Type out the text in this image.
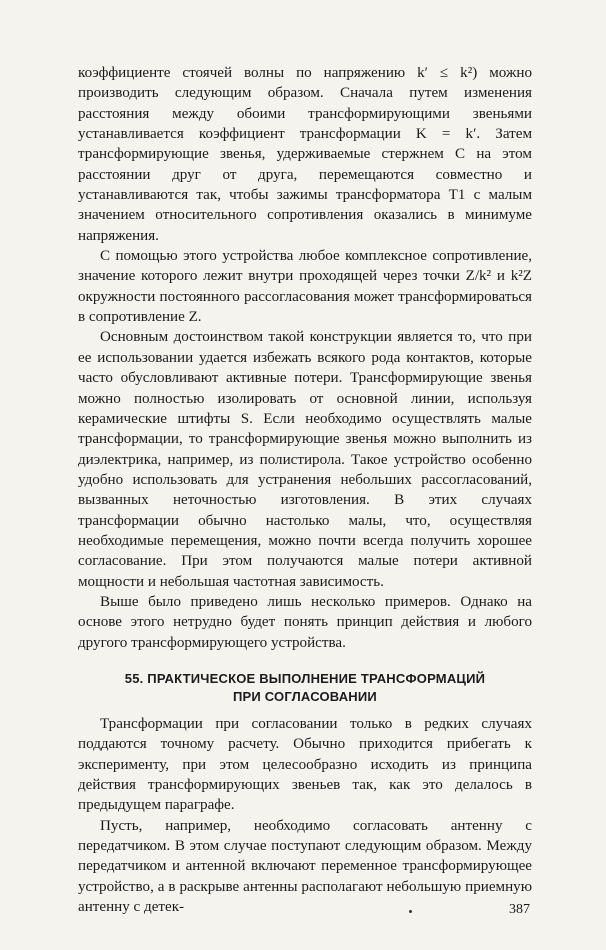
коэффициенте стоячей волны по напряжению k′ ≤ k²) можно производить следующим образом. Сначала путем изменения расстояния между обоими трансформирующими звеньями устанавливается коэффициент трансформации K = k′. Затем трансформирующие звенья, удерживаемые стержнем C на этом расстоянии друг от друга, перемещаются совместно и устанавливаются так, чтобы зажимы трансформатора T1 с малым значением относительного сопротивления оказались в минимуме напряжения.

С помощью этого устройства любое комплексное сопротивление, значение которого лежит внутри проходящей через точки Z/k² и k²Z окружности постоянного рассогласования может трансформироваться в сопротивление Z.

Основным достоинством такой конструкции является то, что при ее использовании удается избежать всякого рода контактов, которые часто обусловливают активные потери. Трансформирующие звенья можно полностью изолировать от основной линии, используя керамические штифты S. Если необходимо осуществлять малые трансформации, то трансформирующие звенья можно выполнить из диэлектрика, например, из полистирола. Такое устройство особенно удобно использовать для устранения небольших рассогласований, вызванных неточностью изготовления. В этих случаях трансформации обычно настолько малы, что, осуществляя необходимые перемещения, можно почти всегда получить хорошее согласование. При этом получаются малые потери активной мощности и небольшая частотная зависимость.

Выше было приведено лишь несколько примеров. Однако на основе этого нетрудно будет понять принцип действия и любого другого трансформирующего устройства.

55. ПРАКТИЧЕСКОЕ ВЫПОЛНЕНИЕ ТРАНСФОРМАЦИЙ
ПРИ СОГЛАСОВАНИИ

Трансформации при согласовании только в редких случаях поддаются точному расчету. Обычно приходится прибегать к эксперименту, при этом целесообразно исходить из принципа действия трансформирующих звеньев так, как это делалось в предыдущем параграфе.

Пусть, например, необходимо согласовать антенну с передатчиком. В этом случае поступают следующим образом. Между передатчиком и антенной включают переменное трансформирующее устройство, а в раскрыве антенны располагают небольшую приемную антенну с детек-	387
